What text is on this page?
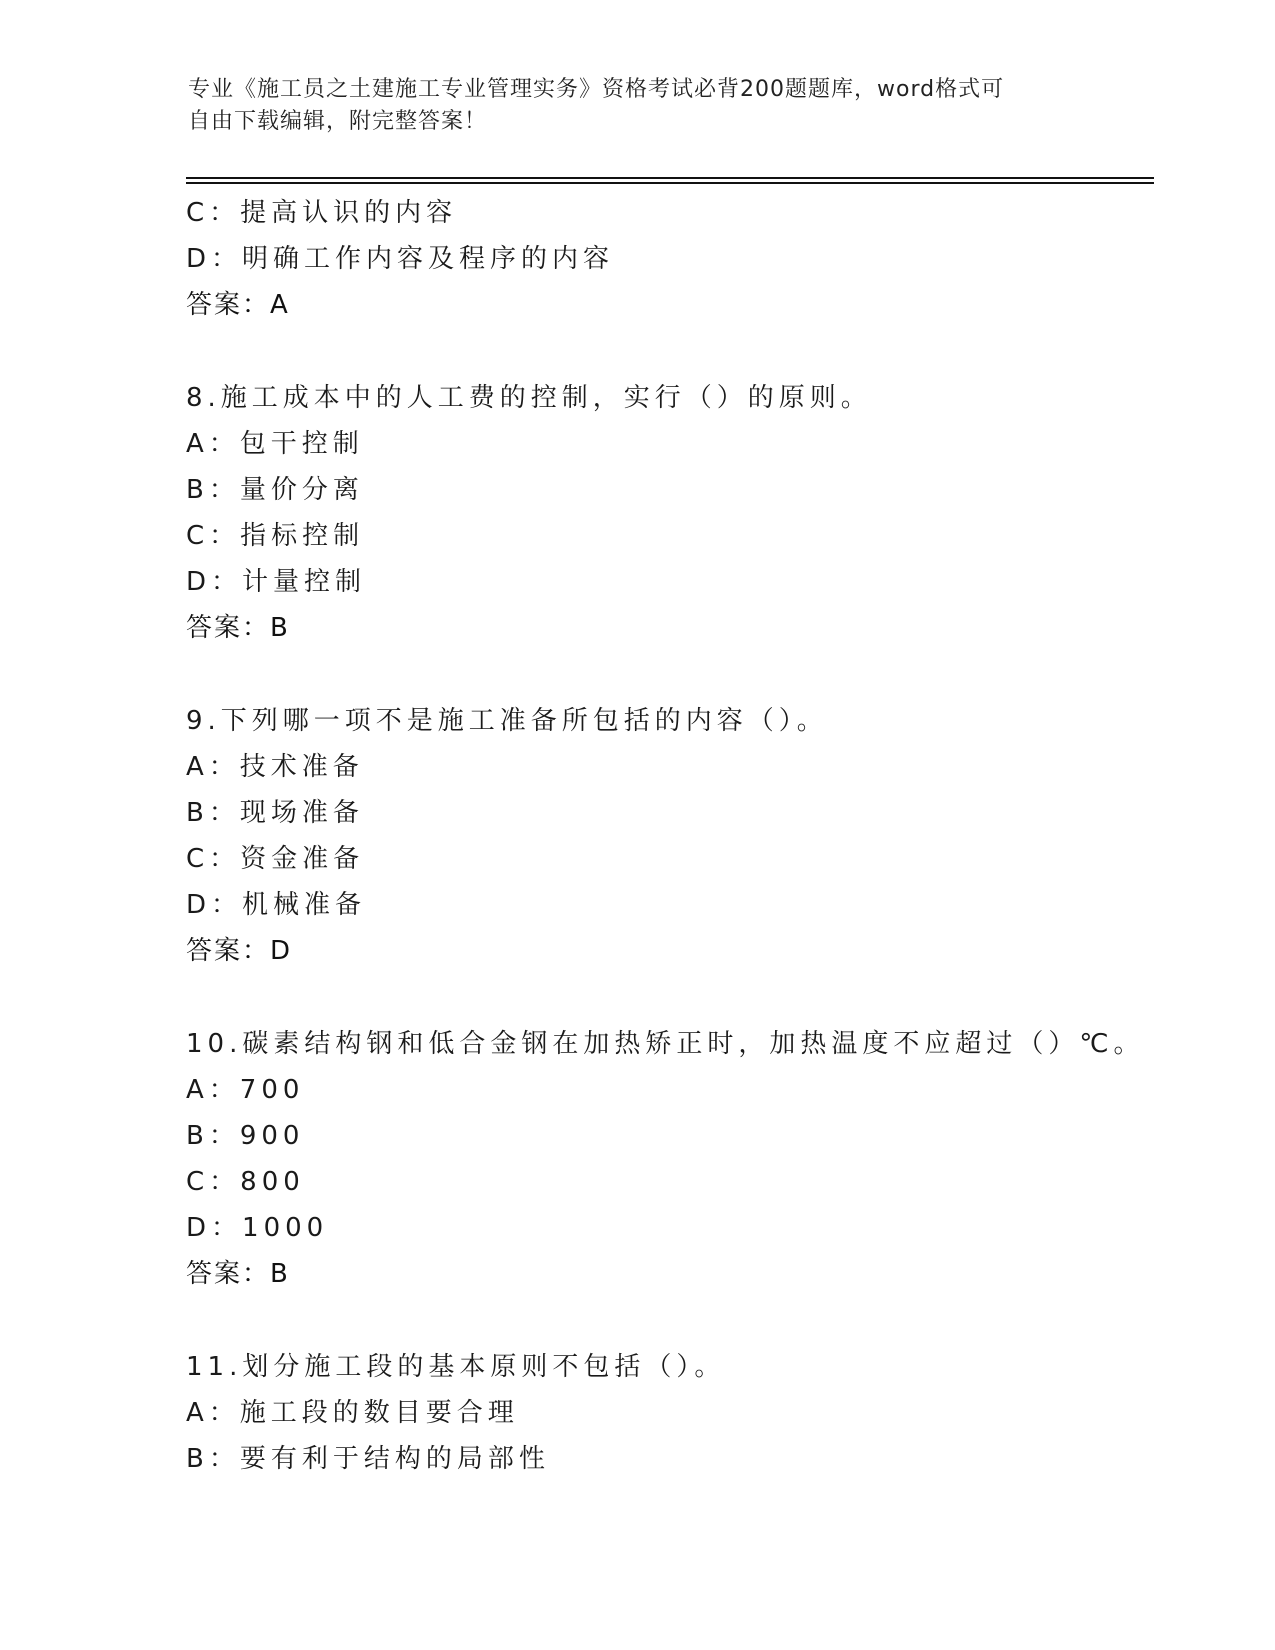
专业《施工员之土建施工专业管理实务》资格考试必背200题题库，word格式可
自由下载编辑，附完整答案！
C：提高认识的内容
D：明确工作内容及程序的内容
答案：A
8.施工成本中的人工费的控制，实行（）的原则。
A：包干控制
B：量价分离
C：指标控制
D：计量控制
答案：B
9.下列哪一项不是施工准备所包括的内容（）。
A：技术准备
B：现场准备
C：资金准备
D：机械准备
答案：D
10.碳素结构钢和低合金钢在加热矫正时，加热温度不应超过（）℃。
A：700
B：900
C：800
D：1000
答案：B
11.划分施工段的基本原则不包括（）。
A：施工段的数目要合理
B：要有利于结构的局部性
